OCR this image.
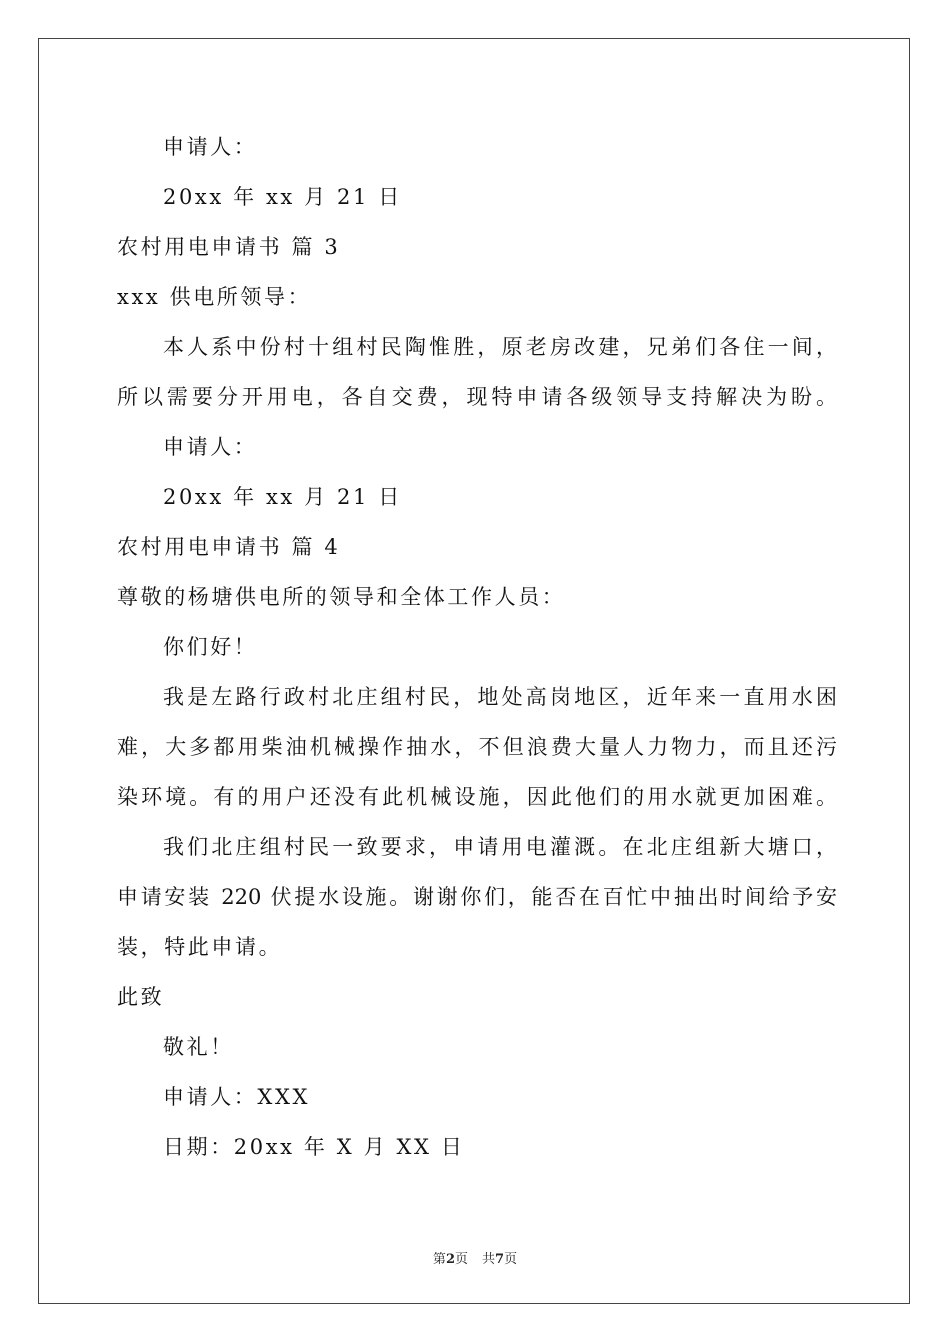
申请人：
20xx 年 xx 月 21 日
农村用电申请书 篇 3
xxx 供电所领导：
本人系中份村十组村民陶惟胜，原老房改建，兄弟们各住一间，
所以需要分开用电，各自交费，现特申请各级领导支持解决为盼。
申请人：
20xx 年 xx 月 21 日
农村用电申请书 篇 4
尊敬的杨塘供电所的领导和全体工作人员：
你们好！
我是左路行政村北庄组村民，地处高岗地区，近年来一直用水困
难，大多都用柴油机械操作抽水，不但浪费大量人力物力，而且还污
染环境。有的用户还没有此机械设施，因此他们的用水就更加困难。
我们北庄组村民一致要求，申请用电灌溉。在北庄组新大塘口，
申请安装 220 伏提水设施。谢谢你们，能否在百忙中抽出时间给予安
装，特此申请。
此致
敬礼！
申请人：XXX
日期：20xx 年 X 月 XX 日
第2页 共7页
